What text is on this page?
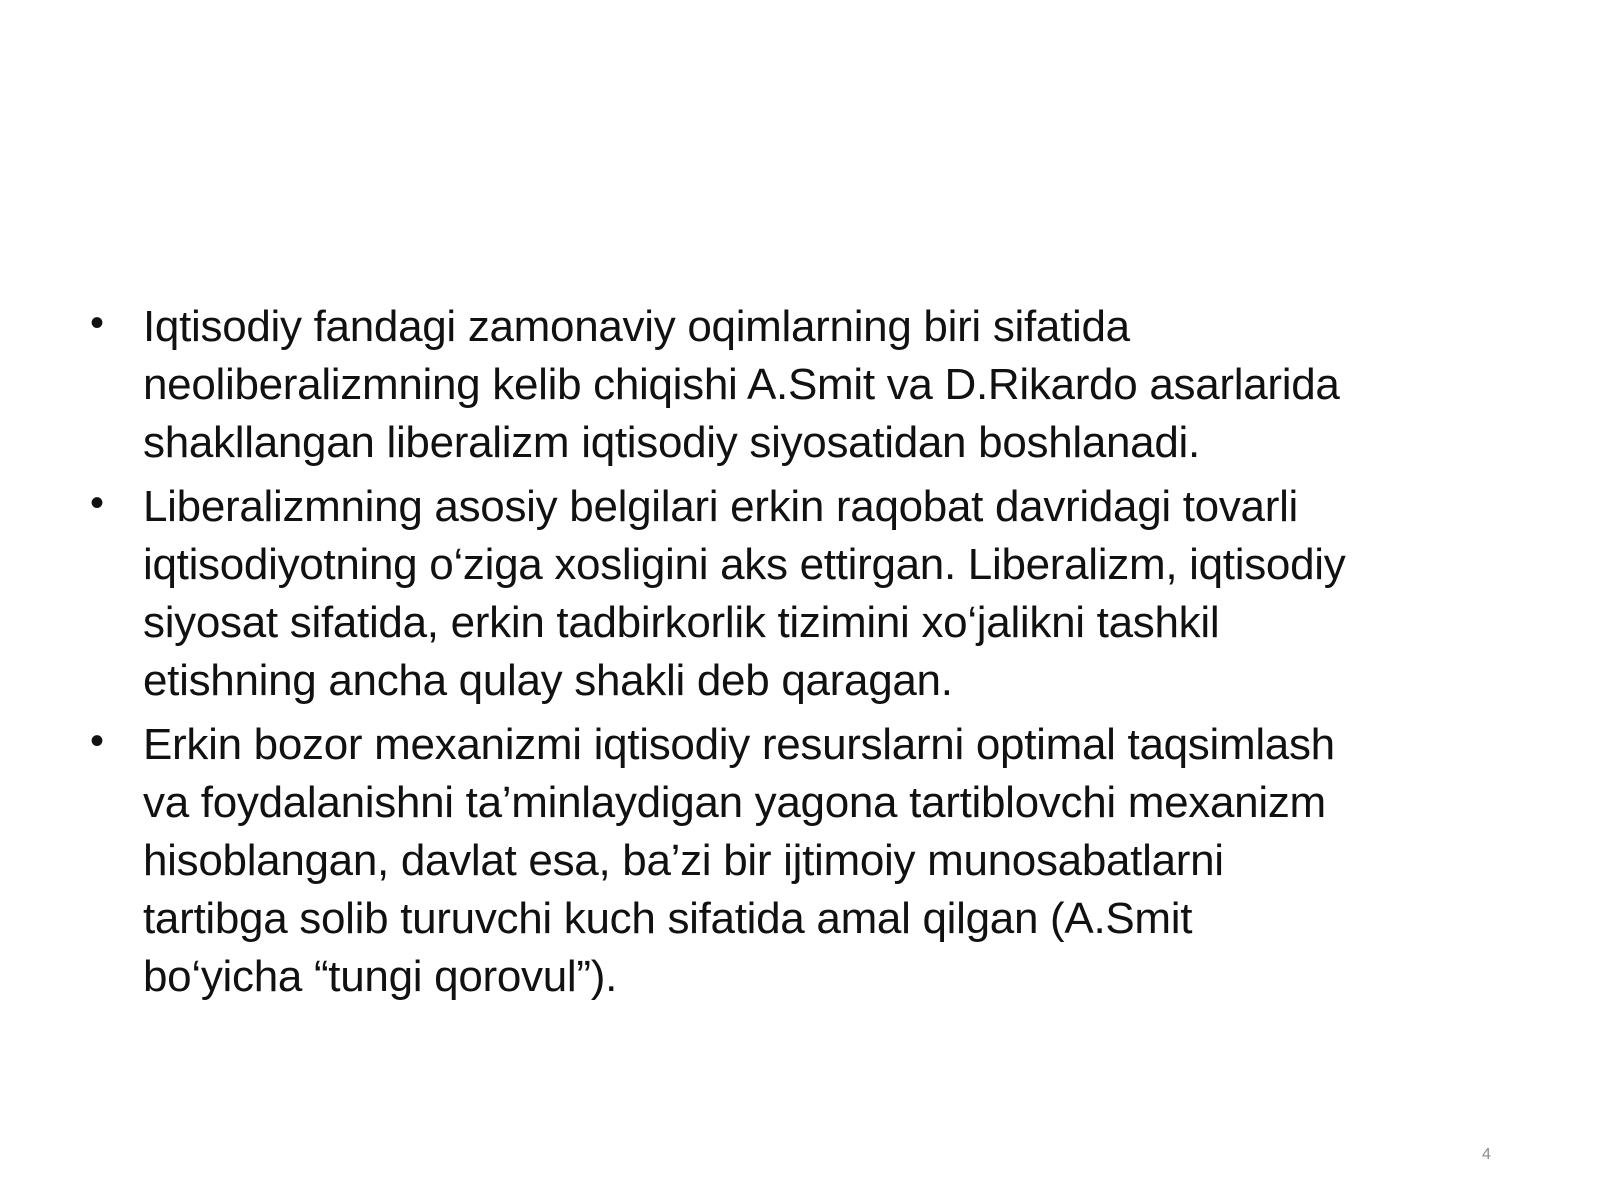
• Iqtisodiy fandagi zamonaviy oqimlarning biri sifatida
neoliberalizmning kelib chiqishi A.Smit va D.Rikardo asarlarida
shakllangan liberalizm iqtisodiy siyosatidan boshlanadi.
• Liberalizmning asosiy belgilari erkin raqobat davridagi tovarli
iqtisodiyotning o‘ziga xosligini aks ettirgan. Liberalizm, iqtisodiy
siyosat sifatida, erkin tadbirkorlik tizimini xo‘jalikni tashkil
etishning ancha qulay shakli deb qaragan.
• Erkin bozor mexanizmi iqtisodiy resurslarni optimal taqsimlash
va foydalanishni ta’minlaydigan yagona tartiblovchi mexanizm
hisoblangan, davlat esa, ba’zi bir ijtimoiy munosabatlarni
tartibga solib turuvchi kuch sifatida amal qilgan (A.Smit
bo‘yicha “tungi qorovul”).
4
